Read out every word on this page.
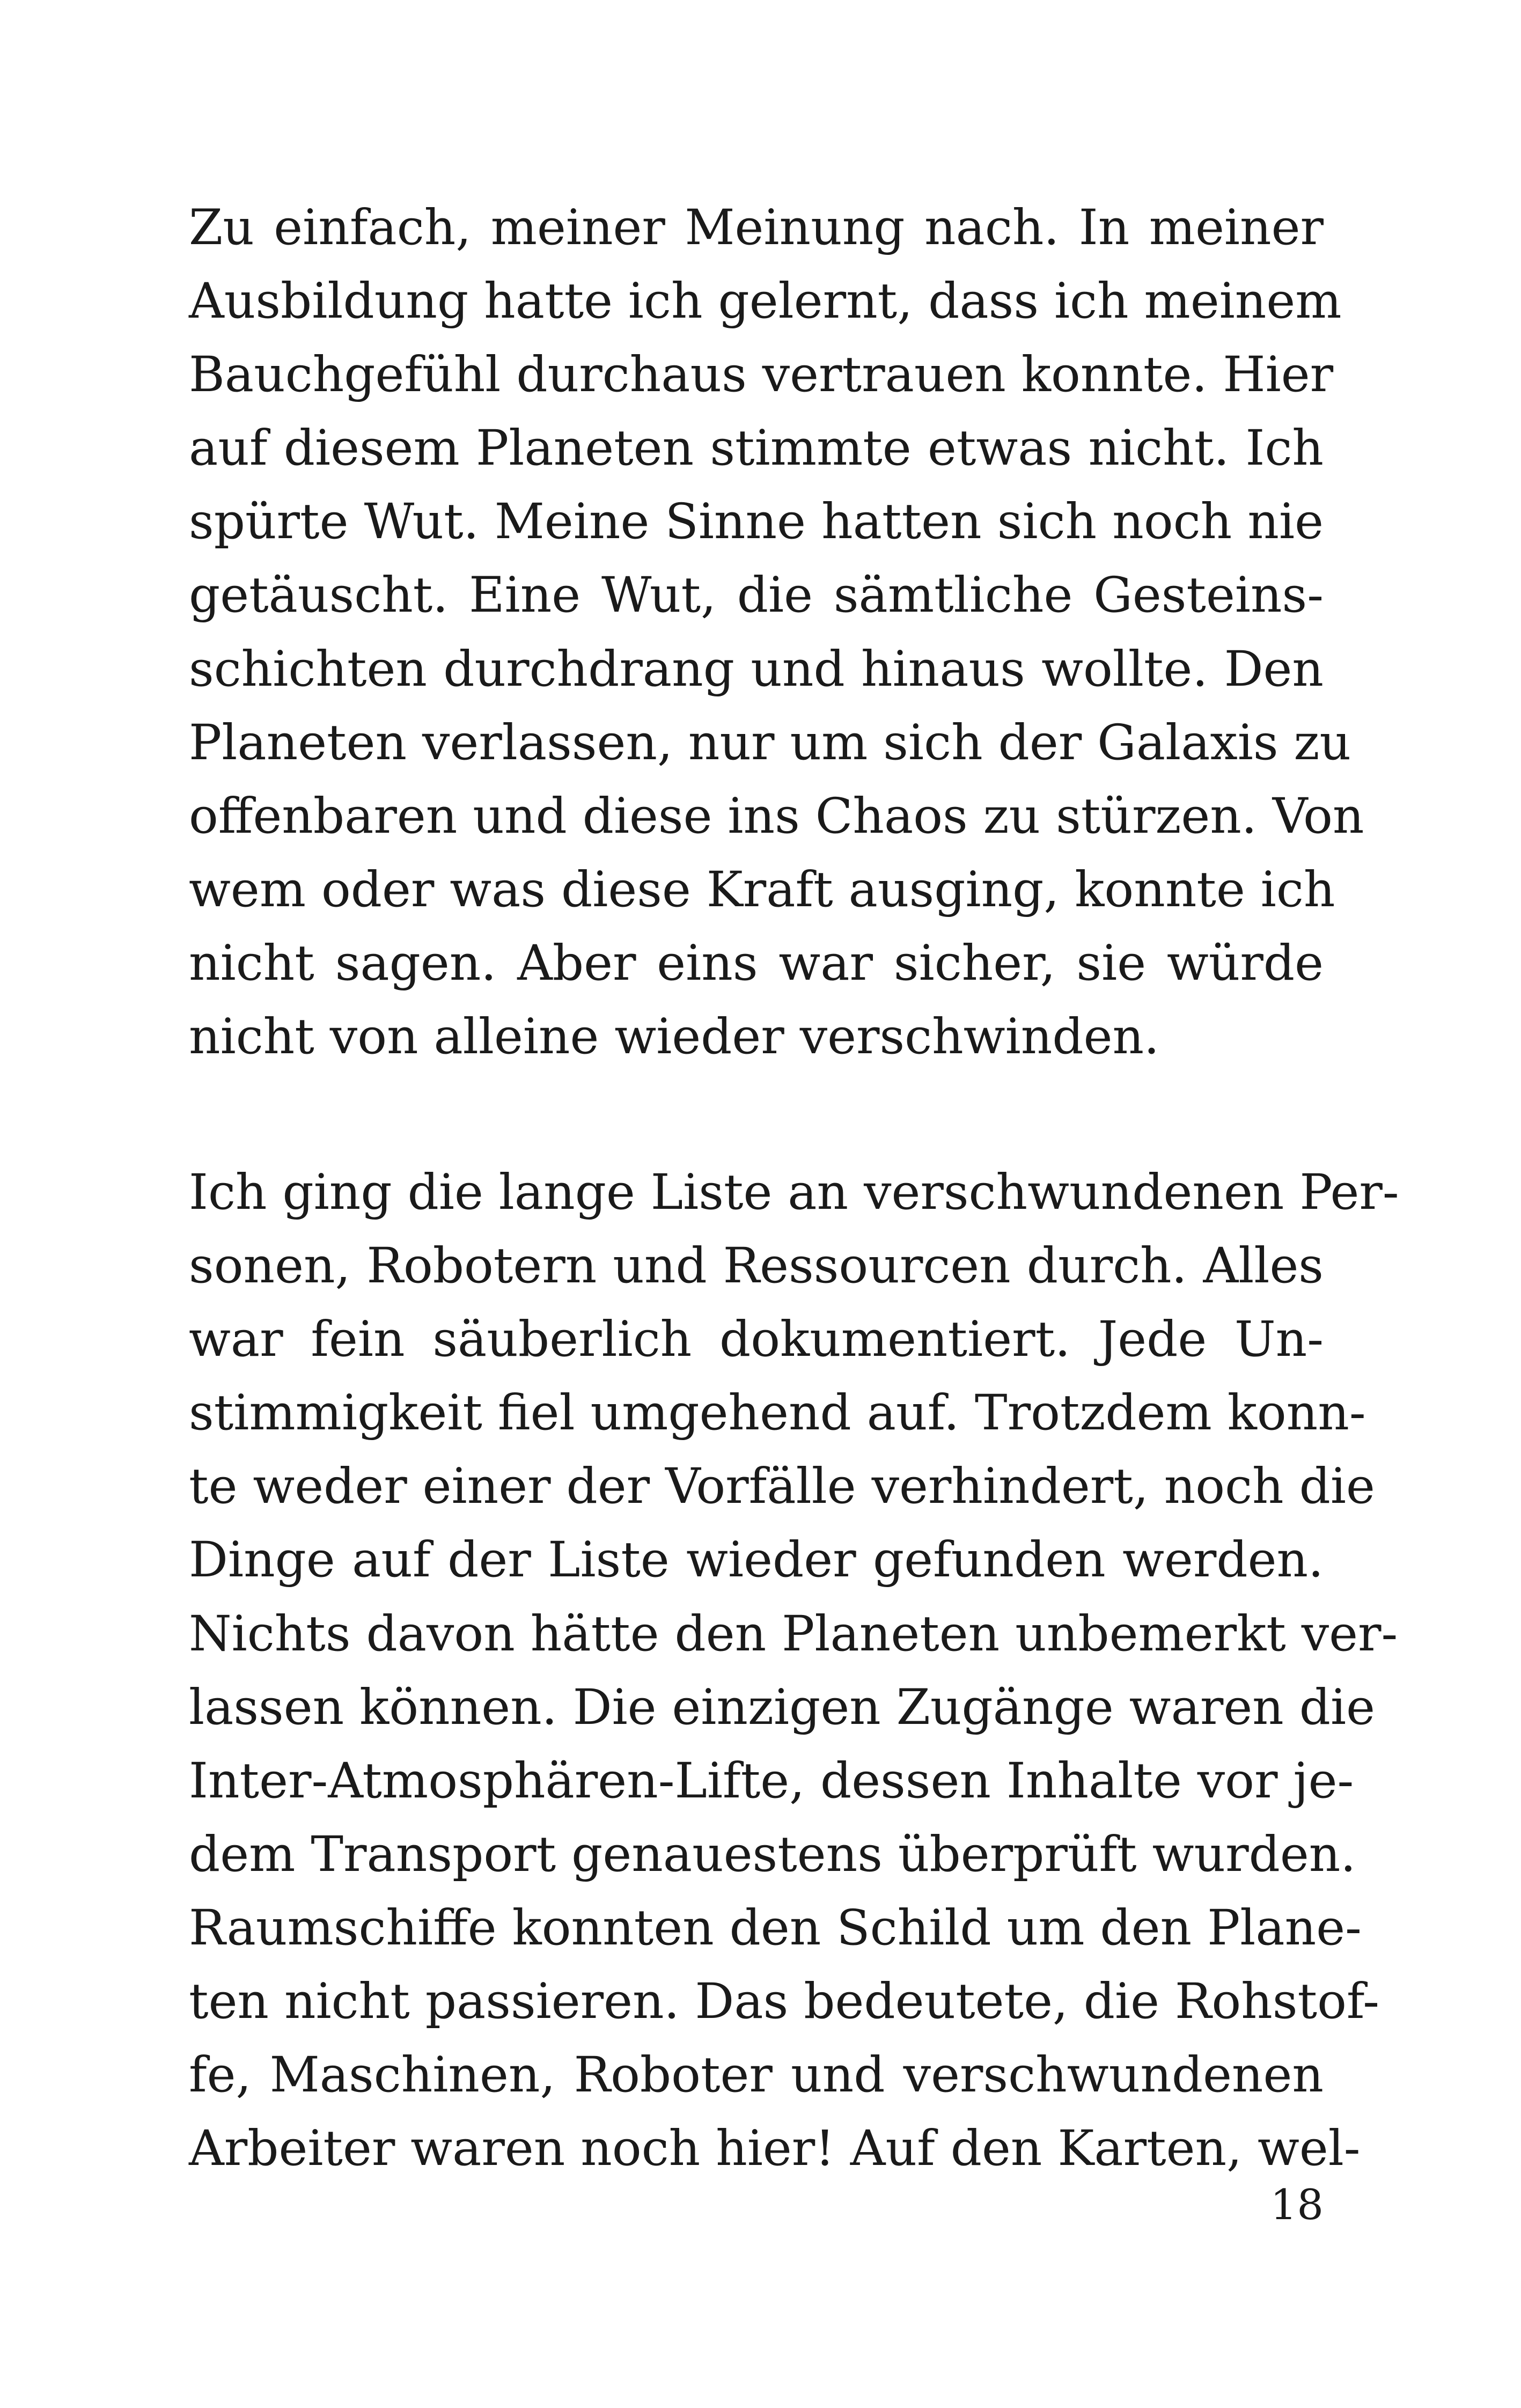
Zu einfach, meiner Meinung nach. In meiner
Ausbildung hatte ich gelernt, dass ich meinem
Bauchgefühl durchaus vertrauen konnte. Hier
auf diesem Planeten stimmte etwas nicht. Ich
spürte Wut. Meine Sinne hatten sich noch nie
getäuscht. Eine Wut, die sämtliche Gesteins-
schichten durchdrang und hinaus wollte. Den
Planeten verlassen, nur um sich der Galaxis zu
offenbaren und diese ins Chaos zu stürzen. Von
wem oder was diese Kraft ausging, konnte ich
nicht sagen. Aber eins war sicher, sie würde
nicht von alleine wieder verschwinden.
Ich ging die lange Liste an verschwundenen Per-
sonen, Robotern und Ressourcen durch. Alles
war fein säuberlich dokumentiert. Jede Un-
stimmigkeit fiel umgehend auf. Trotzdem konn-
te weder einer der Vorfälle verhindert, noch die
Dinge auf der Liste wieder gefunden werden.
Nichts davon hätte den Planeten unbemerkt ver-
lassen können. Die einzigen Zugänge waren die
Inter-Atmosphären-Lifte, dessen Inhalte vor je-
dem Transport genauestens überprüft wurden.
Raumschiffe konnten den Schild um den Plane-
ten nicht passieren. Das bedeutete, die Rohstof-
fe, Maschinen, Roboter und verschwundenen
Arbeiter waren noch hier! Auf den Karten, wel-
18
